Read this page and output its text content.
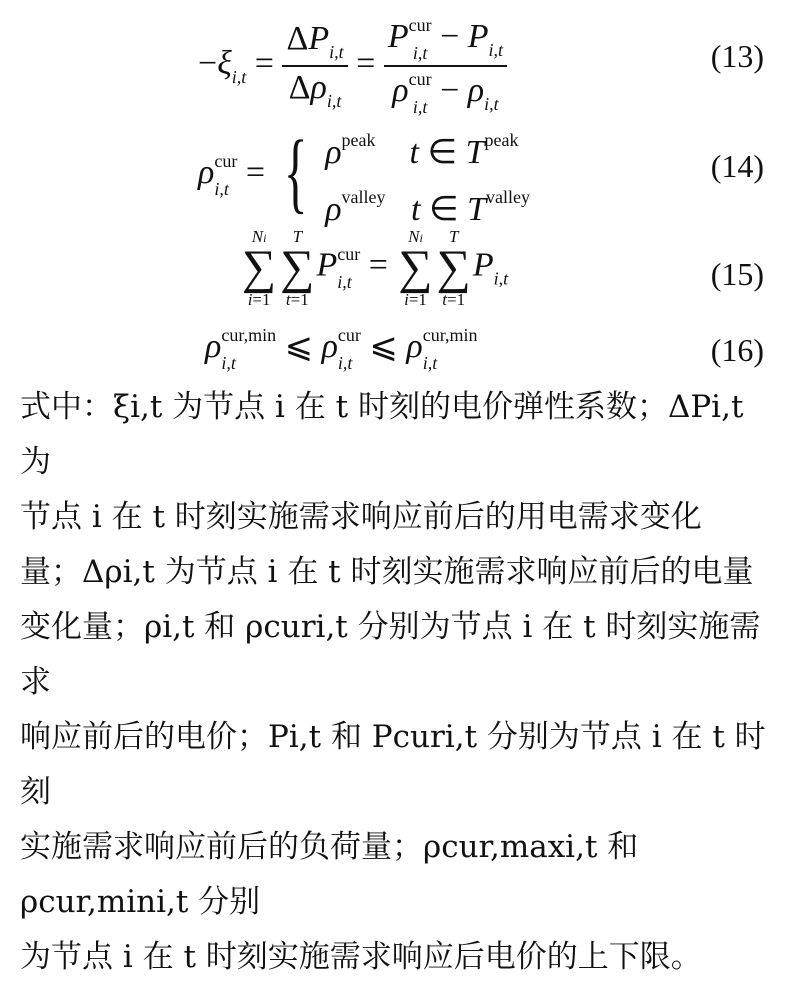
$-\xi_{i,t} = \frac{\Delta P_{i,t}}{\Delta\rho_{i,t}} = P$ cur
$i,t - P_{i,t}$
ρ cur
$i,t - \rho_{i,t}$	(13)
ρ cur
i,t = { $\rho^{peak}$ t ∈ $T^{peak}$
$\rho^{valley}$ t ∈ $T^{valley}$
(14)
Ni
∑
i=1
T
∑
t=1
P cur
i,t =
Ni
∑
i=1
T
∑
t=1
$P_{i,t}$	(15)
ρ cur,min
i,t	⩽ ρ cur
i,t ⩽ ρ cur,min
i,t	(16)
式中：ξi,t 为节点 i 在 t 时刻的电价弹性系数；ΔPi,t 为
节点 i 在 t 时刻实施需求响应前后的用电需求变化
量；Δρi,t 为节点 i 在 t 时刻实施需求响应前后的电量
变化量；ρi,t 和 ρcuri,t 分别为节点 i 在 t 时刻实施需求
响应前后的电价；Pi,t 和 Pcuri,t 分别为节点 i 在 t 时刻
实施需求响应前后的负荷量；ρcur,maxi,t 和 ρcur,mini,t 分别
为节点 i 在 t 时刻实施需求响应后电价的上下限。
